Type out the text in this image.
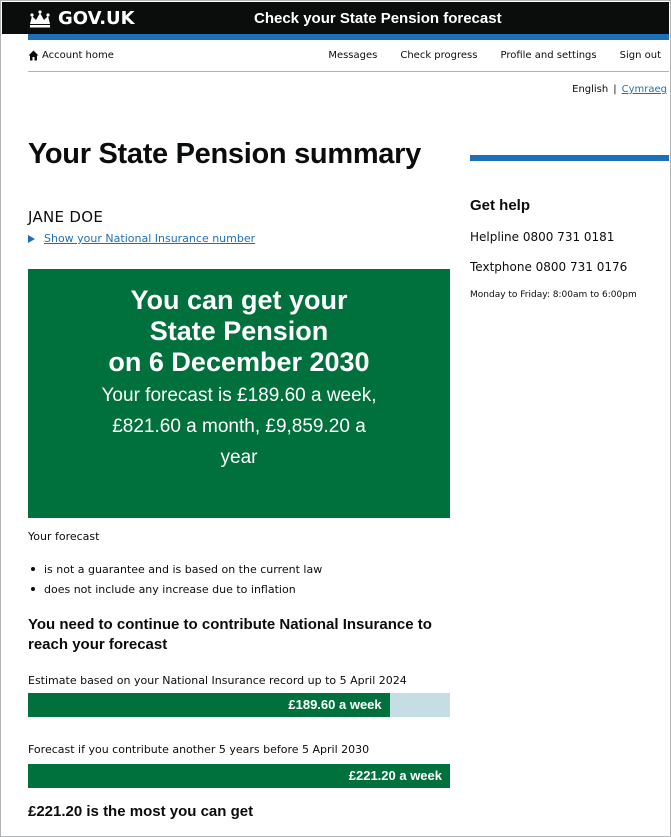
GOV.UK	Check your State Pension forecast
Account home	Messages Check progress Profile and settings Sign out
English | Cymraeg
Your State Pension summary
Get help
Helpline 0800 731 0181
Textphone 0800 731 0176
Monday to Friday: 8:00am to 6:00pm
JANE DOE
Show your National Insurance number
You can get your
State Pension
on 6 December 2030
Your forecast is £189.60 a week,
£821.60 a month, £9,859.20 a
year
Your forecast
is not a guarantee and is based on the current law
does not include any increase due to inflation
You need to continue to contribute National Insurance to reach your forecast
Estimate based on your National Insurance record up to 5 April 2024
£189.60 a week
Forecast if you contribute another 5 years before 5 April 2030
£221.20 a week
£221.20 is the most you can get
